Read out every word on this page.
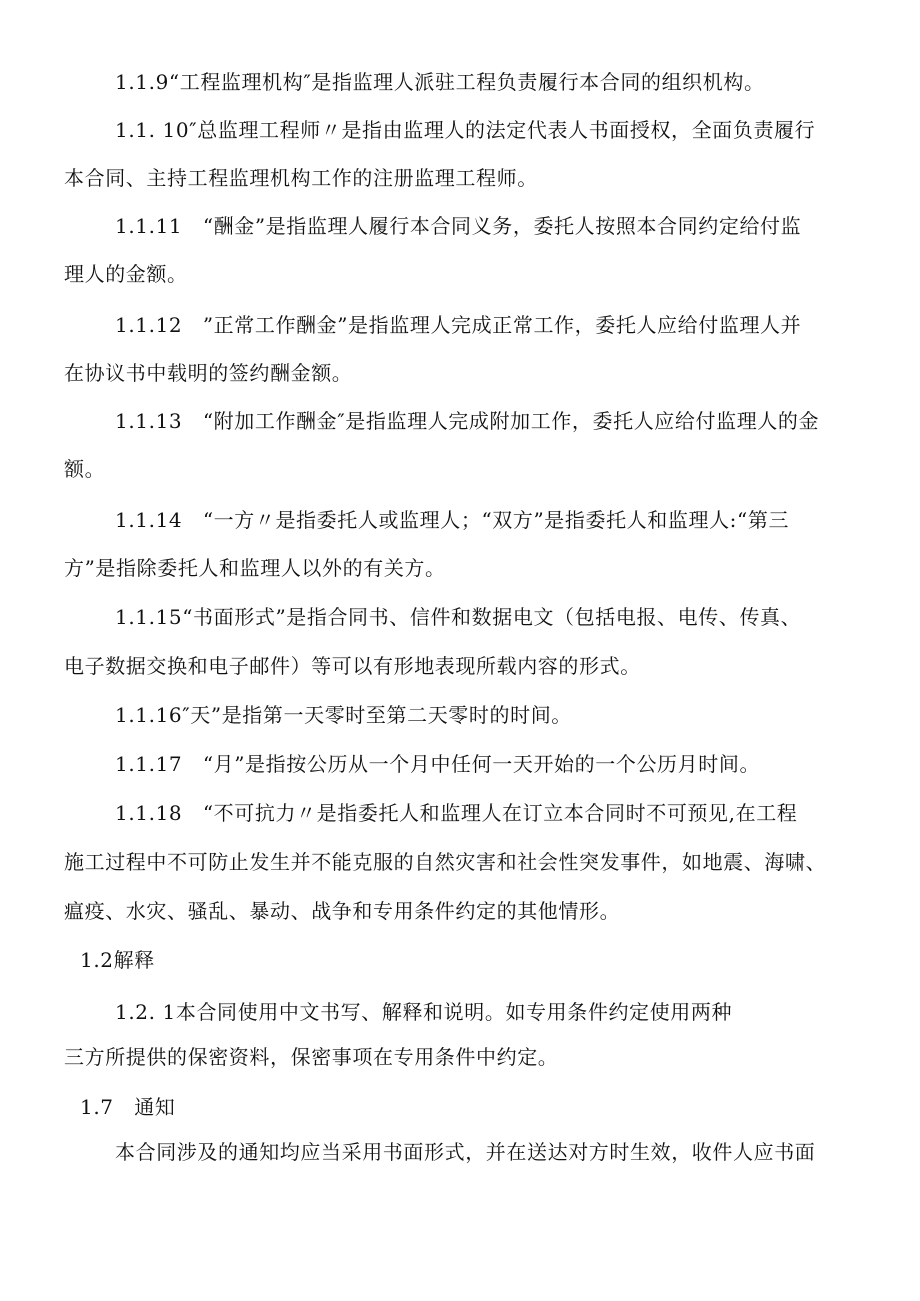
1.1.9“工程监理机构″是指监理人派驻工程负责履行本合同的组织机构。

1.1. 10″总监理工程师〃是指由监理人的法定代表人书面授权，全面负责履行

本合同、主持工程监理机构工作的注册监理工程师。

1.1.11　“酬金”是指监理人履行本合同义务，委托人按照本合同约定给付监

理人的金额。

1.1.12　”正常工作酬金”是指监理人完成正常工作，委托人应给付监理人并

在协议书中载明的签约酬金额。

1.1.13　“附加工作酬金″是指监理人完成附加工作，委托人应给付监理人的金

额。

1.1.14　“一方〃是指委托人或监理人；“双方”是指委托人和监理人:“第三

方”是指除委托人和监理人以外的有关方。

1.1.15“书面形式”是指合同书、信件和数据电文（包括电报、电传、传真、

电子数据交换和电子邮件）等可以有形地表现所载内容的形式。

1.1.16″天”是指第一天零时至第二天零时的时间。

1.1.17　“月”是指按公历从一个月中任何一天开始的一个公历月时间。

1.1.18　“不可抗力〃是指委托人和监理人在订立本合同时不可预见,在工程

施工过程中不可防止发生并不能克服的自然灾害和社会性突发事件，如地震、海啸、

瘟疫、水灾、骚乱、暴动、战争和专用条件约定的其他情形。

1.2解释

1.2. 1本合同使用中文书写、解释和说明。如专用条件约定使用两种

三方所提供的保密资料，保密事项在专用条件中约定。

1.7　通知

本合同涉及的通知均应当采用书面形式，并在送达对方时生效，收件人应书面
